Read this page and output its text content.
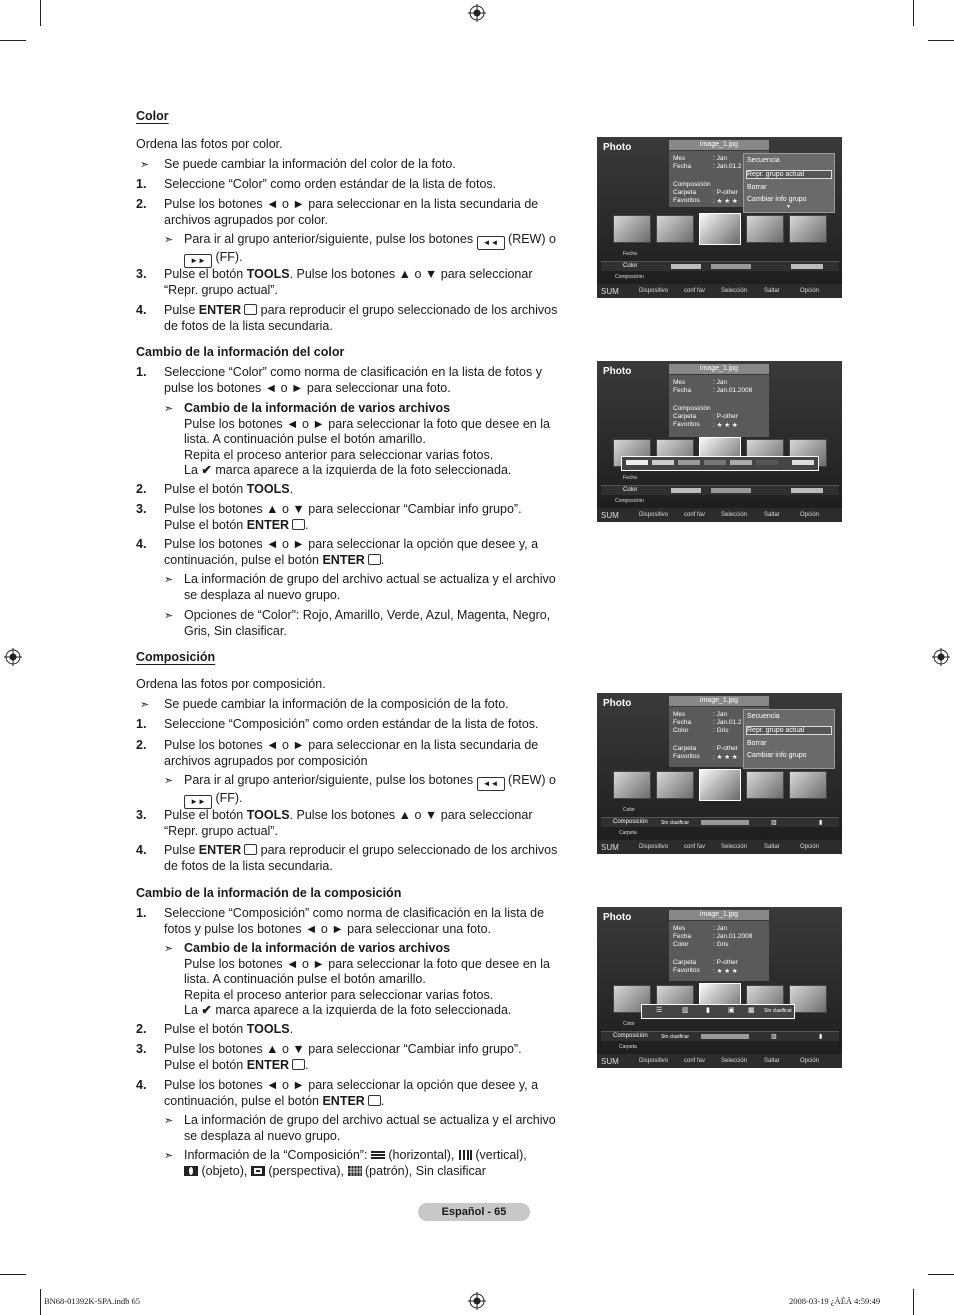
Color
Ordena las fotos por color.
➣ Se puede cambiar la información del color de la foto.
1. Seleccione “Color” como orden estándar de la lista de fotos.
2. Pulse los botones ◄ o ► para seleccionar en la lista secundaria de
archivos agrupados por color.
➣ Para ir al grupo anterior/siguiente, pulse los botones ◄◄ (REW) o
►► (FF).
3. Pulse el botón TOOLS. Pulse los botones ▲ o ▼ para seleccionar
“Repr. grupo actual”.
4. Pulse ENTER para reproducir el grupo seleccionado de los archivos
de fotos de la lista secundaria.
Cambio de la información del color
1. Seleccione “Color” como norma de clasificación en la lista de fotos y
pulse los botones ◄ o ► para seleccionar una foto.
➣ Cambio de la información de varios archivos
Pulse los botones ◄ o ► para seleccionar la foto que desee en la
lista. A continuación pulse el botón amarillo.
Repita el proceso anterior para seleccionar varias fotos.
La ✔ marca aparece a la izquierda de la foto seleccionada.
2. Pulse el botón TOOLS.
3. Pulse los botones ▲ o ▼ para seleccionar “Cambiar info grupo”.
Pulse el botón ENTER .
4. Pulse los botones ◄ o ► para seleccionar la opción que desee y, a
continuación, pulse el botón ENTER .
➣ La información de grupo del archivo actual se actualiza y el archivo
se desplaza al nuevo grupo.
➣ Opciones de “Color”: Rojo, Amarillo, Verde, Azul, Magenta, Negro,
Gris, Sin clasificar.
Composición
Ordena las fotos por composición.
➣ Se puede cambiar la información de la composición de la foto.
1. Seleccione “Composición” como orden estándar de la lista de fotos.
2. Pulse los botones ◄ o ► para seleccionar en la lista secundaria de
archivos agrupados por composición
➣ Para ir al grupo anterior/siguiente, pulse los botones ◄◄ (REW) o
►► (FF).
3. Pulse el botón TOOLS. Pulse los botones ▲ o ▼ para seleccionar
“Repr. grupo actual”.
4. Pulse ENTER para reproducir el grupo seleccionado de los archivos
de fotos de la lista secundaria.
Cambio de la información de la composición
1. Seleccione “Composición” como norma de clasificación en la lista de
fotos y pulse los botones ◄ o ► para seleccionar una foto.
➣ Cambio de la información de varios archivos
Pulse los botones ◄ o ► para seleccionar la foto que desee en la
lista. A continuación pulse el botón amarillo.
Repita el proceso anterior para seleccionar varias fotos.
La ✔ marca aparece a la izquierda de la foto seleccionada.
2. Pulse el botón TOOLS.
3. Pulse los botones ▲ o ▼ para seleccionar “Cambiar info grupo”.
Pulse el botón ENTER .
4. Pulse los botones ◄ o ► para seleccionar la opción que desee y, a
continuación, pulse el botón ENTER .
➣ La información de grupo del archivo actual se actualiza y el archivo
se desplaza al nuevo grupo.
➣ Información de la “Composición”: (horizontal), (vertical),
(objeto), (perspectiva), (patrón), Sin clasificar
Photo	image_1.jpg
Mes	: Jan
Fecha	: Jan.01.2
Composición
Carpeta	: P-other
Favoritos : ★ ★ ★
Secuencia
Repr. grupo actual
Borrar
Cambiar info grupo
▼
Fecha
Color
Composición
SUM	Dispositivo	conf fav	Selección	Saltar	Opción
Photo	image_1.jpg
Mes	: Jan
Fecha	: Jan.01.2008
Composición
Carpeta	: P-other
Favoritos : ★ ★ ★
Fecha
Color
Composición
SUM	Dispositivo	conf fav	Selección	Saltar	Opción
Photo	image_1.jpg
Mes	: Jan
Fecha	: Jan.01.2
Color	: Gris
Carpeta	: P-other
Favoritos : ★ ★ ★
Secuencia
Repr. grupo actual
Borrar
Cambiar info grupo
Color
Composición	Sin clasificar	▥	▮
Carpeta
SUM	Dispositivo	conf fav	Selección	Saltar	Opción
Photo	image_1.jpg
Mes	: Jan
Fecha	: Jan.01.2008
Color	: Gris
Carpeta	: P-other
Favoritos : ★ ★ ★
☰	▥ ▮	▣ ▦ Sin clasificar
Color
Composición	Sin clasificar	▥	▮
Carpeta
SUM	Dispositivo	conf fav	Selección	Saltar	Opción
Español - 65
BN68-01392K-SPA.indb 65	2008-03-19 ¿ÀÈÄ 4:59:49
